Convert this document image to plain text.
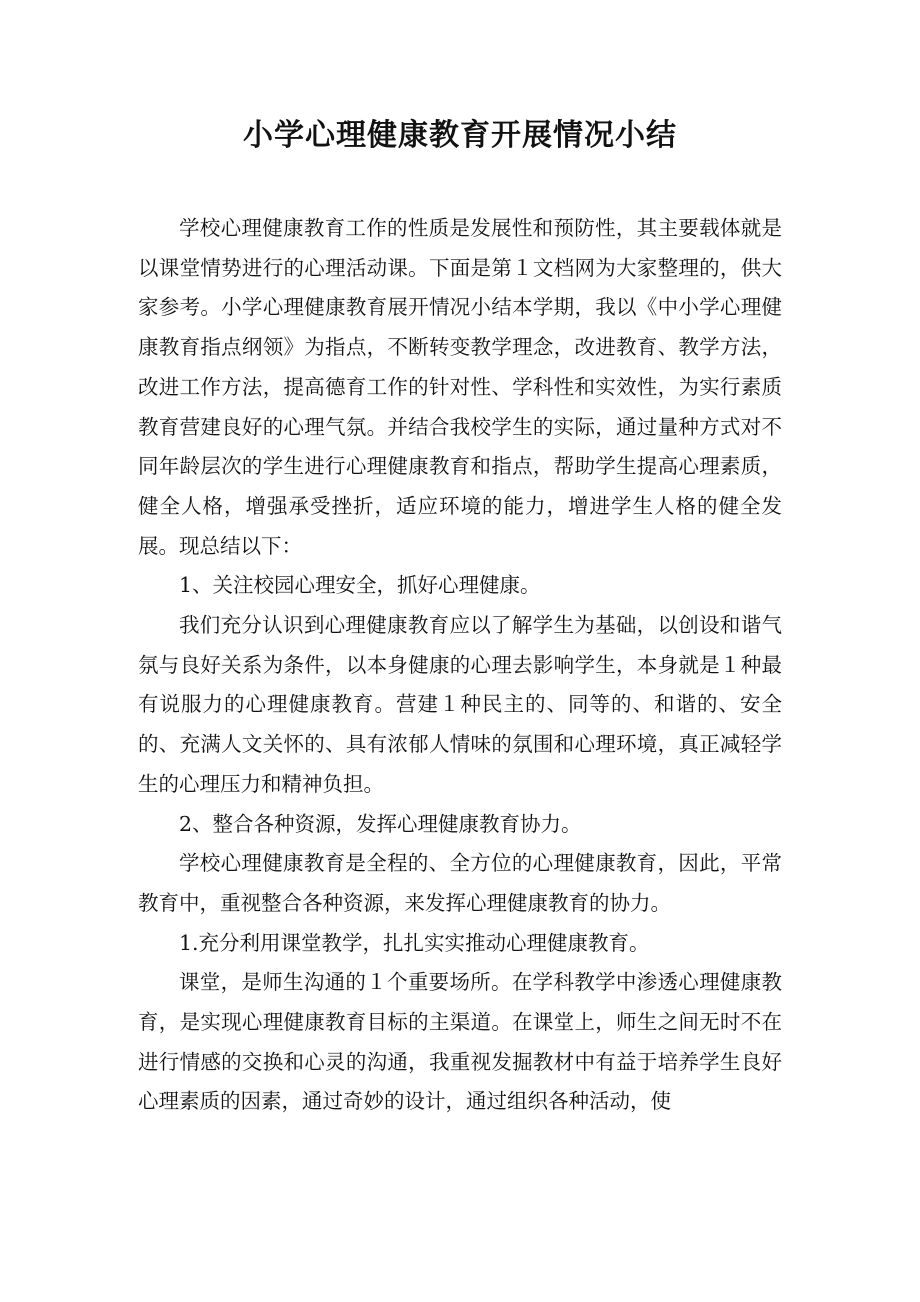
小学心理健康教育开展情况小结

学校心理健康教育工作的性质是发展性和预防性，其主要载体就是以课堂情势进行的心理活动课。下面是第１文档网为大家整理的，供大家参考。小学心理健康教育展开情况小结本学期，我以《中小学心理健康教育指点纲领》为指点，不断转变教学理念，改进教育、教学方法，改进工作方法，提高德育工作的针对性、学科性和实效性，为实行素质教育营建良好的心理气氛。并结合我校学生的实际，通过量种方式对不同年龄层次的学生进行心理健康教育和指点，帮助学生提高心理素质，健全人格，增强承受挫折，适应环境的能力，增进学生人格的健全发展。现总结以下：

1、关注校园心理安全，抓好心理健康。

我们充分认识到心理健康教育应以了解学生为基础，以创设和谐气氛与良好关系为条件，以本身健康的心理去影响学生，本身就是１种最有说服力的心理健康教育。营建１种民主的、同等的、和谐的、安全的、充满人文关怀的、具有浓郁人情味的氛围和心理环境，真正减轻学生的心理压力和精神负担。

2、整合各种资源，发挥心理健康教育协力。

学校心理健康教育是全程的、全方位的心理健康教育，因此，平常教育中，重视整合各种资源，来发挥心理健康教育的协力。

1.充分利用课堂教学，扎扎实实推动心理健康教育。

课堂，是师生沟通的１个重要场所。在学科教学中渗透心理健康教育，是实现心理健康教育目标的主渠道。在课堂上，师生之间无时不在进行情感的交换和心灵的沟通，我重视发掘教材中有益于培养学生良好心理素质的因素，通过奇妙的设计，通过组织各种活动，使
